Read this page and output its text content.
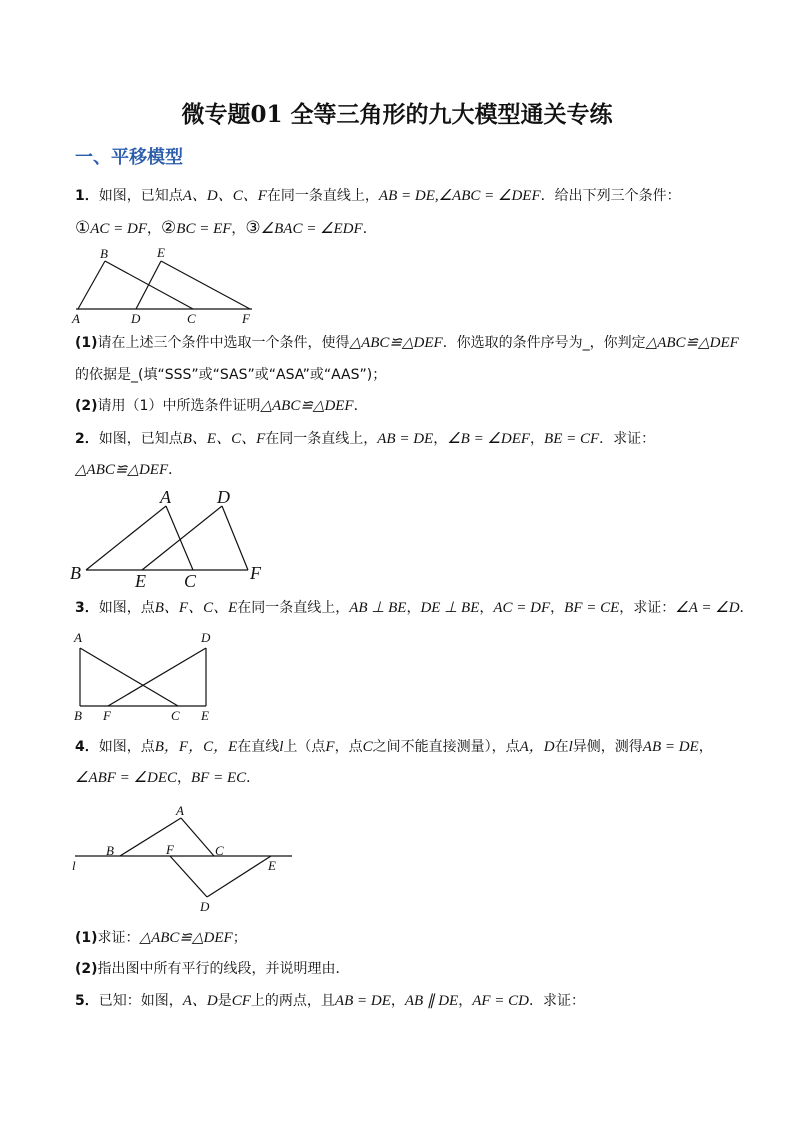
微专题01 全等三角形的九大模型通关专练
一、平移模型
1．如图，已知点A、D、C、F在同一条直线上，AB = DE,∠ABC = ∠DEF．给出下列三个条件：
①AC = DF，②BC = EF，③∠BAC = ∠EDF．
A
B
C
D
E
F
(1)请在上述三个条件中选取一个条件，使得△ABC≌△DEF．你选取的条件序号为_，你判定△ABC≌△DEF
的依据是_(填“SSS”或“SAS”或“ASA”或“AAS”)；
(2)请用（1）中所选条件证明△ABC≌△DEF．
2．如图，已知点B、E、C、F在同一条直线上，AB = DE，∠B = ∠DEF，BE = CF．求证：
△ABC≌△DEF．
A
B	C
D
E	F
3．如图，点B、F、C、E在同一条直线上，AB ⊥ BE，DE ⊥ BE，AC = DF，BF = CE，求证：∠A = ∠D．
A
B	C
D
E
F
4．如图，点B，F，C，E在直线l上（点F，点C之间不能直接测量），点A，D在l异侧，测得AB = DE，
∠ABF = ∠DEC，BF = EC．
A
B	C
D
E
F
l
(1)求证：△ABC≌△DEF；
(2)指出图中所有平行的线段，并说明理由．
5．已知：如图，A、D是CF上的两点，且AB = DE，AB ∥ DE，AF = CD．求证：
